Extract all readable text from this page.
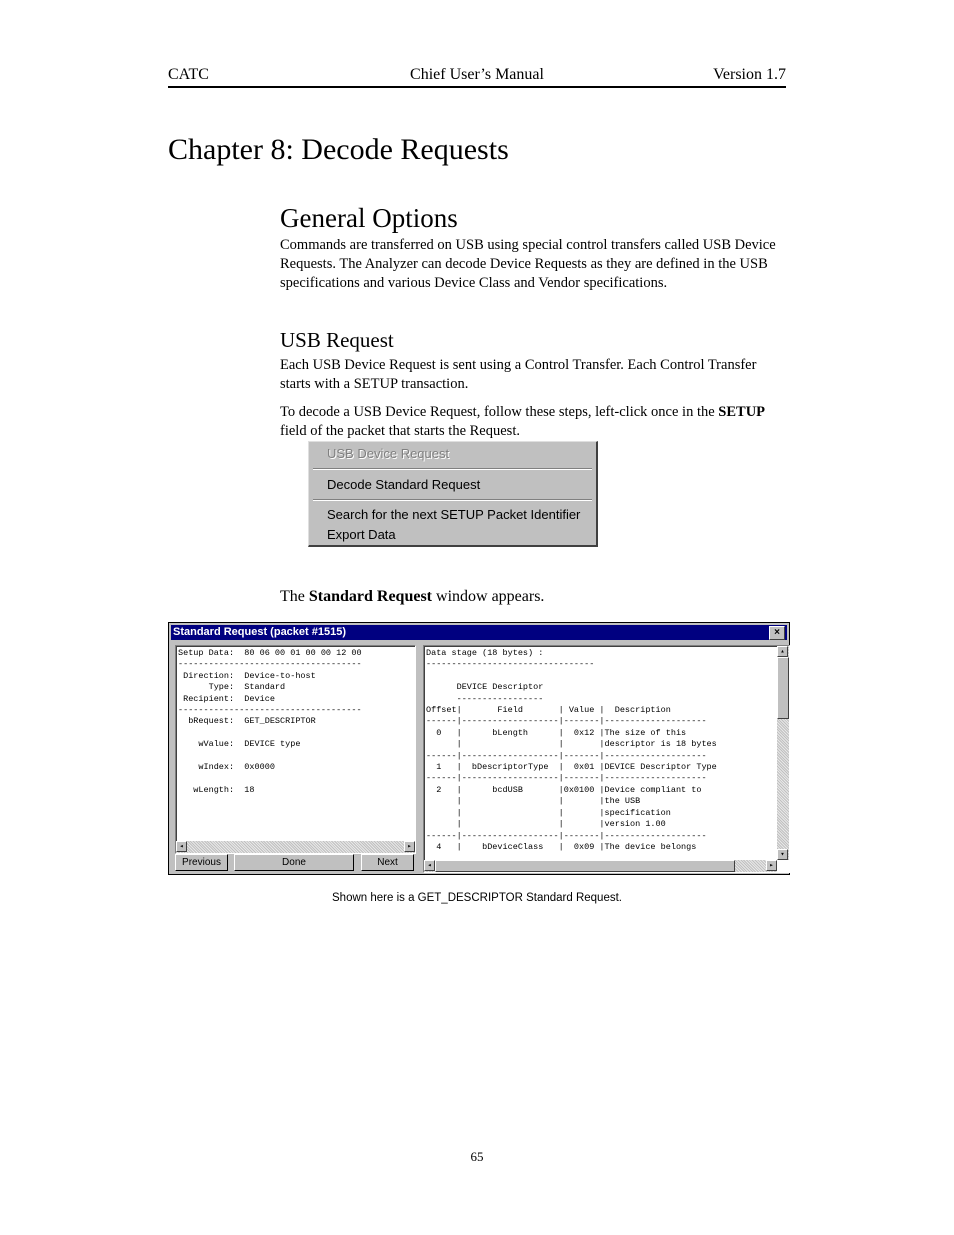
CATC	Chief User’s Manual	Version 1.7
Chapter 8: Decode Requests
General Options
Commands are transferred on USB using special control transfers called USB Device Requests. The Analyzer can decode Device Requests as they are defined in the USB specifications and various Device Class and Vendor specifications.
USB Request
Each USB Device Request is sent using a Control Transfer. Each Control Transfer starts with a SETUP transaction.
To decode a USB Device Request, follow these steps, left-click once in the SETUP field of the packet that starts the Request.
USB Device Request
Decode Standard Request
Search for the next SETUP Packet Identifier
Export Data
The Standard Request window appears.
Standard Request (packet #1515)	×
Setup Data:  80 06 00 01 00 00 12 00
------------------------------------
Direction:  Device-to-host
Type:  Standard
Recipient:  Device
------------------------------------
bRequest:  GET_DESCRIPTOR

wValue:  DEVICE type

wIndex:  0x0000

wLength:  18
◂	▸
Data stage (18 bytes) :
---------------------------------

DEVICE Descriptor
-----------------
Offset|       Field       | Value |  Description
------|-------------------|-------|--------------------
0   |      bLength      |  0x12 |The size of this
|                   |       |descriptor is 18 bytes
------|-------------------|-------|--------------------
1   |  bDescriptorType  |  0x01 |DEVICE Descriptor Type
------|-------------------|-------|--------------------
2   |      bcdUSB       |0x0100 |Device compliant to
|                   |       |the USB
|                   |       |specification
|                   |       |version 1.00
------|-------------------|-------|--------------------
4   |    bDeviceClass   |  0x09 |The device belongs
▴
▾
◂	▸
Previous	Done	Next
Shown here is a GET_DESCRIPTOR Standard Request.
65
